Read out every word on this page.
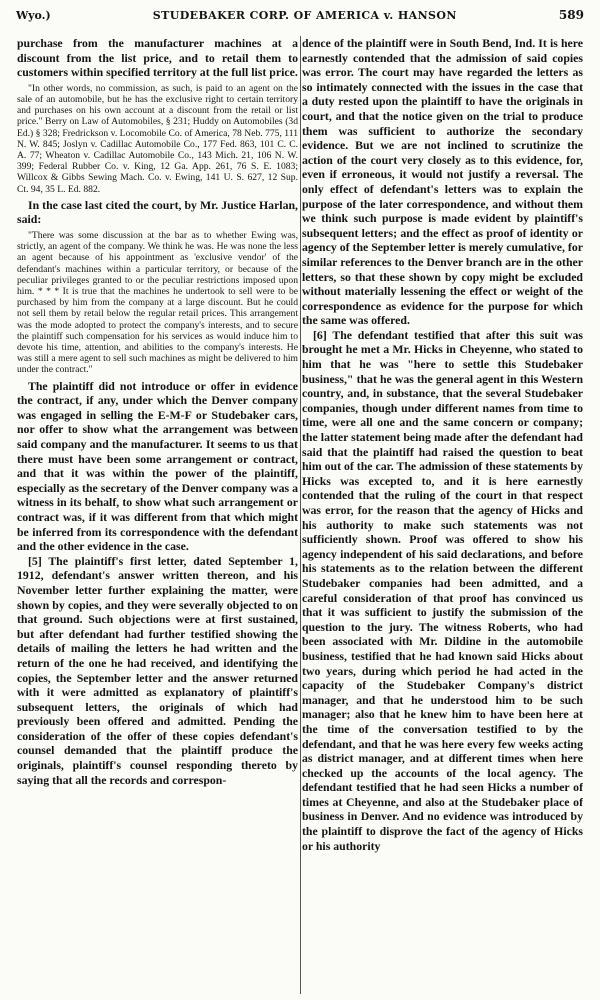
Wyo.)	STUDEBAKER CORP. OF AMERICA v. HANSON	589

purchase from the manufacturer machines at a discount from the list price, and to retail them to customers within specified territory at the full list price.

"In other words, no commission, as such, is paid to an agent on the sale of an automobile, but he has the exclusive right to certain territory and purchases on his own account at a discount from the retail or list price." Berry on Law of Automobiles, § 231; Huddy on Automobiles (3d Ed.) § 328; Fredrickson v. Locomobile Co. of America, 78 Neb. 775, 111 N. W. 845; Joslyn v. Cadillac Automobile Co., 177 Fed. 863, 101 C. C. A. 77; Wheaton v. Cadillac Automobile Co., 143 Mich. 21, 106 N. W. 399; Federal Rubber Co. v. King, 12 Ga. App. 261, 76 S. E. 1083; Willcox & Gibbs Sewing Mach. Co. v. Ewing, 141 U. S. 627, 12 Sup. Ct. 94, 35 L. Ed. 882.

In the case last cited the court, by Mr. Justice Harlan, said:

"There was some discussion at the bar as to whether Ewing was, strictly, an agent of the company. We think he was. He was none the less an agent because of his appointment as 'exclusive vendor' of the defendant's machines within a particular territory, or because of the peculiar privileges granted to or the peculiar restrictions imposed upon him. * * * It is true that the machines he undertook to sell were to be purchased by him from the company at a large discount. But he could not sell them by retail below the regular retail prices. This arrangement was the mode adopted to protect the company's interests, and to secure the plaintiff such compensation for his services as would induce him to devote his time, attention, and abilities to the company's interests. He was still a mere agent to sell such machines as might be delivered to him under the contract."

The plaintiff did not introduce or offer in evidence the contract, if any, under which the Denver company was engaged in selling the E-M-F or Studebaker cars, nor offer to show what the arrangement was between said company and the manufacturer. It seems to us that there must have been some arrangement or contract, and that it was within the power of the plaintiff, especially as the secretary of the Denver company was a witness in its behalf, to show what such arrangement or contract was, if it was different from that which might be inferred from its correspondence with the defendant and the other evidence in the case.

[5] The plaintiff's first letter, dated September 1, 1912, defendant's answer written thereon, and his November letter further explaining the matter, were shown by copies, and they were severally objected to on that ground. Such objections were at first sustained, but after defendant had further testified showing the details of mailing the letters he had written and the return of the one he had received, and identifying the copies, the September letter and the answer returned with it were admitted as explanatory of plaintiff's subsequent letters, the originals of which had previously been offered and admitted. Pending the consideration of the offer of these copies defendant's counsel demanded that the plaintiff produce the originals, plaintiff's counsel responding thereto by saying that all the records and correspon-

dence of the plaintiff were in South Bend, Ind. It is here earnestly contended that the admission of said copies was error. The court may have regarded the letters as so intimately connected with the issues in the case that a duty rested upon the plaintiff to have the originals in court, and that the notice given on the trial to produce them was sufficient to authorize the secondary evidence. But we are not inclined to scrutinize the action of the court very closely as to this evidence, for, even if erroneous, it would not justify a reversal. The only effect of defendant's letters was to explain the purpose of the later correspondence, and without them we think such purpose is made evident by plaintiff's subsequent letters; and the effect as proof of identity or agency of the September letter is merely cumulative, for similar references to the Denver branch are in the other letters, so that these shown by copy might be excluded without materially lessening the effect or weight of the correspondence as evidence for the purpose for which the same was offered.

[6] The defendant testified that after this suit was brought he met a Mr. Hicks in Cheyenne, who stated to him that he was "here to settle this Studebaker business," that he was the general agent in this Western country, and, in substance, that the several Studebaker companies, though under different names from time to time, were all one and the same concern or company; the latter statement being made after the defendant had said that the plaintiff had raised the question to beat him out of the car. The admission of these statements by Hicks was excepted to, and it is here earnestly contended that the ruling of the court in that respect was error, for the reason that the agency of Hicks and his authority to make such statements was not sufficiently shown. Proof was offered to show his agency independent of his said declarations, and before his statements as to the relation between the different Studebaker companies had been admitted, and a careful consideration of that proof has convinced us that it was sufficient to justify the submission of the question to the jury. The witness Roberts, who had been associated with Mr. Dildine in the automobile business, testified that he had known said Hicks about two years, during which period he had acted in the capacity of the Studebaker Company's district manager, and that he understood him to be such manager; also that he knew him to have been here at the time of the conversation testified to by the defendant, and that he was here every few weeks acting as district manager, and at different times when here checked up the accounts of the local agency. The defendant testified that he had seen Hicks a number of times at Cheyenne, and also at the Studebaker place of business in Denver. And no evidence was introduced by the plaintiff to disprove the fact of the agency of Hicks or his authority
